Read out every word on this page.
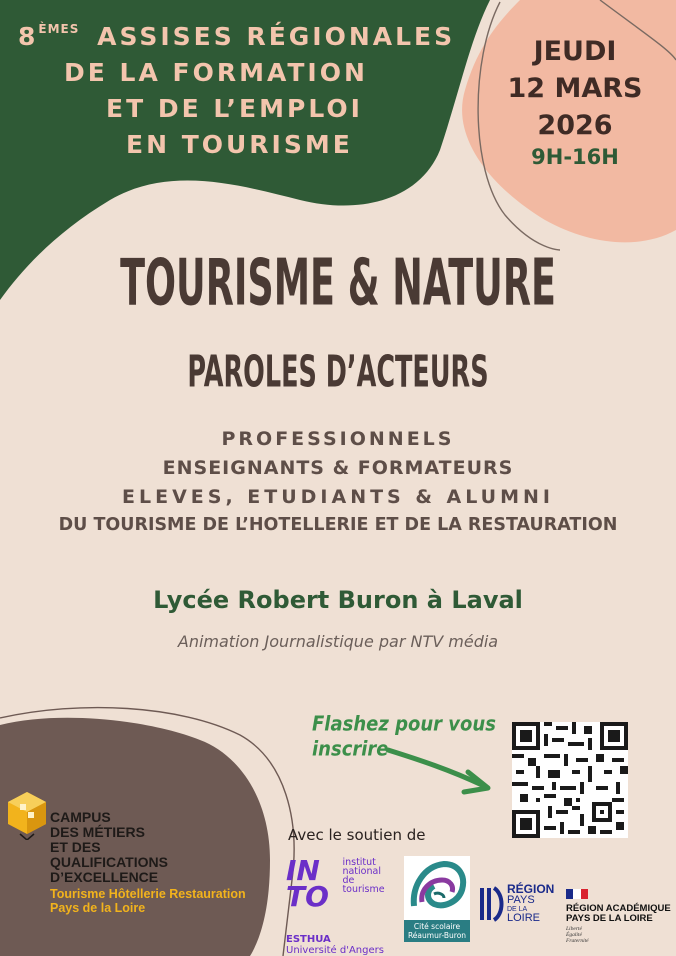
8ÈMES ASSISES RÉGIONALES
DE LA FORMATION
ET DE L’EMPLOI
EN TOURISME
JEUDI
12 MARS
2026
9H-16H
TOURISME & NATURE
PAROLES D’ACTEURS
PROFESSIONNELS
ENSEIGNANTS & FORMATEURS
ELEVES, ETUDIANTS & ALUMNI
DU TOURISME DE L’HOTELLERIE ET DE LA RESTAURATION
Lycée Robert Buron à Laval
Animation Journalistique par NTV média
Flashez pour vous
inscrire
CAMPUS
DES MÉTIERS
ET DES
QUALIFICATIONS
D’EXCELLENCE
Tourisme Hôtellerie Restauration
Pays de la Loire
Avec le soutien de
IN TO
institut
national
de tourisme
ESTHUA
Université d'Angers
Cité scolaire
Réaumur-Buron
RÉGION
PAYS
DE LA
LOIRE
RÉGION ACADÉMIQUE
PAYS DE LA LOIRE
Liberté
Égalité
Fraternité
